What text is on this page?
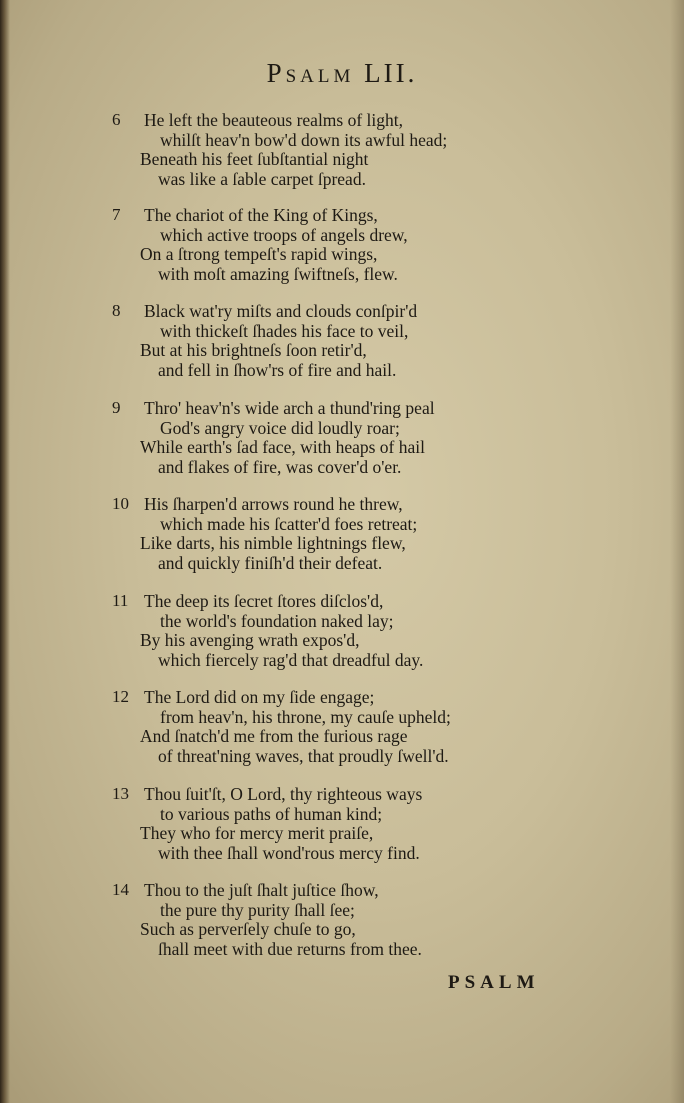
Psalm LII.
6 He left the beauteous realms of light,
whilſt heav'n bow'd down its awful head;
Beneath his feet ſubſtantial night
was like a ſable carpet ſpread.
7 The chariot of the King of Kings,
which active troops of angels drew,
On a ſtrong tempeſt's rapid wings,
with moſt amazing ſwiftneſs, flew.
8 Black wat'ry miſts and clouds conſpir'd
with thickeſt ſhades his face to veil,
But at his brightneſs ſoon retir'd,
and fell in ſhow'rs of fire and hail.
9 Thro' heav'n's wide arch a thund'ring peal
God's angry voice did loudly roar;
While earth's ſad face, with heaps of hail
and flakes of fire, was cover'd o'er.
10 His ſharpen'd arrows round he threw,
which made his ſcatter'd foes retreat;
Like darts, his nimble lightnings flew,
and quickly finiſh'd their defeat.
11 The deep its ſecret ſtores diſclos'd,
the world's foundation naked lay;
By his avenging wrath expos'd,
which fiercely rag'd that dreadful day.
12 The Lord did on my ſide engage;
from heav'n, his throne, my cauſe upheld;
And ſnatch'd me from the furious rage
of threat'ning waves, that proudly ſwell'd.
13 Thou ſuit'ſt, O Lord, thy righteous ways
to various paths of human kind;
They who for mercy merit praiſe,
with thee ſhall wond'rous mercy find.
14 Thou to the juſt ſhalt juſtice ſhow,
the pure thy purity ſhall ſee;
Such as perverſely chuſe to go,
ſhall meet with due returns from thee.
PSALM
